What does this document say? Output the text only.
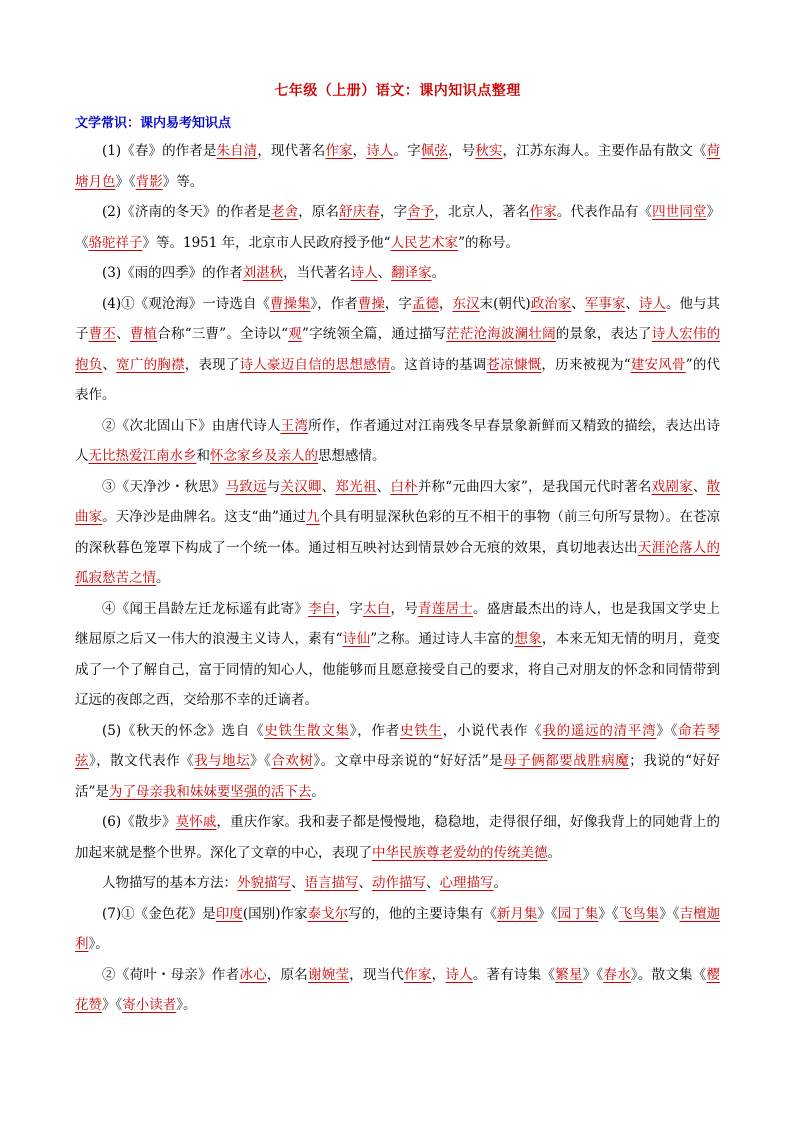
七年级（上册）语文：课内知识点整理
文学常识：课内易考知识点

(1)《春》的作者是朱自清，现代著名作家，诗人。字佩弦，号秋实，江苏东海人。主要作品有散文《荷塘月色》《背影》等。

(2)《济南的冬天》的作者是老舍，原名舒庆春，字舍予，北京人，著名作家。代表作品有《四世同堂》《骆驼祥子》等。1951 年，北京市人民政府授予他“人民艺术家”的称号。

(3)《雨的四季》的作者刘湛秋，当代著名诗人、翻译家。

(4)①《观沧海》一诗选自《曹操集》，作者曹操，字孟德，东汉末(朝代)政治家、军事家、诗人。他与其子曹丕、曹植合称“三曹”。全诗以“观”字统领全篇，通过描写茫茫沧海波澜壮阔的景象，表达了诗人宏伟的抱负、宽广的胸襟，表现了诗人豪迈自信的思想感情。这首诗的基调苍凉慷慨，历来被视为“建安风骨”的代表作。

②《次北固山下》由唐代诗人王湾所作，作者通过对江南残冬早春景象新鲜而又精致的描绘，表达出诗人无比热爱江南水乡和怀念家乡及亲人的思想感情。

③《天净沙・秋思》马致远与关汉卿、郑光祖、白朴并称“元曲四大家”，是我国元代时著名戏剧家、散曲家。天净沙是曲牌名。这支“曲”通过九个具有明显深秋色彩的互不相干的事物（前三句所写景物）。在苍凉的深秋暮色笼罩下构成了一个统一体。通过相互映衬达到情景妙合无痕的效果，真切地表达出天涯沦落人的孤寂愁苦之情。

④《闻王昌龄左迁龙标遥有此寄》李白，字太白，号青莲居士。盛唐最杰出的诗人，也是我国文学史上继屈原之后又一伟大的浪漫主义诗人，素有“诗仙”之称。通过诗人丰富的想象，本来无知无情的明月，竟变成了一个了解自己，富于同情的知心人，他能够而且愿意接受自己的要求，将自己对朋友的怀念和同情带到辽远的夜郎之西，交给那不幸的迁谪者。

(5)《秋天的怀念》选自《史铁生散文集》，作者史铁生，小说代表作《我的遥远的清平湾》《命若琴弦》，散文代表作《我与地坛》《合欢树》。文章中母亲说的“好好活”是母子俩都要战胜病魔；我说的“好好活”是为了母亲我和妹妹要坚强的活下去。

(6)《散步》莫怀戚，重庆作家。我和妻子都是慢慢地，稳稳地，走得很仔细，好像我背上的同她背上的加起来就是整个世界。深化了文章的中心，表现了中华民族尊老爱幼的传统美德。

人物描写的基本方法：外貌描写、语言描写、动作描写、心理描写。

(7)①《金色花》是印度(国别)作家泰戈尔写的，他的主要诗集有《新月集》《园丁集》《飞鸟集》《吉檀迦利》。

②《荷叶・母亲》作者冰心，原名谢婉莹，现当代作家，诗人。著有诗集《繁星》《春水》。散文集《樱花赞》《寄小读者》。
